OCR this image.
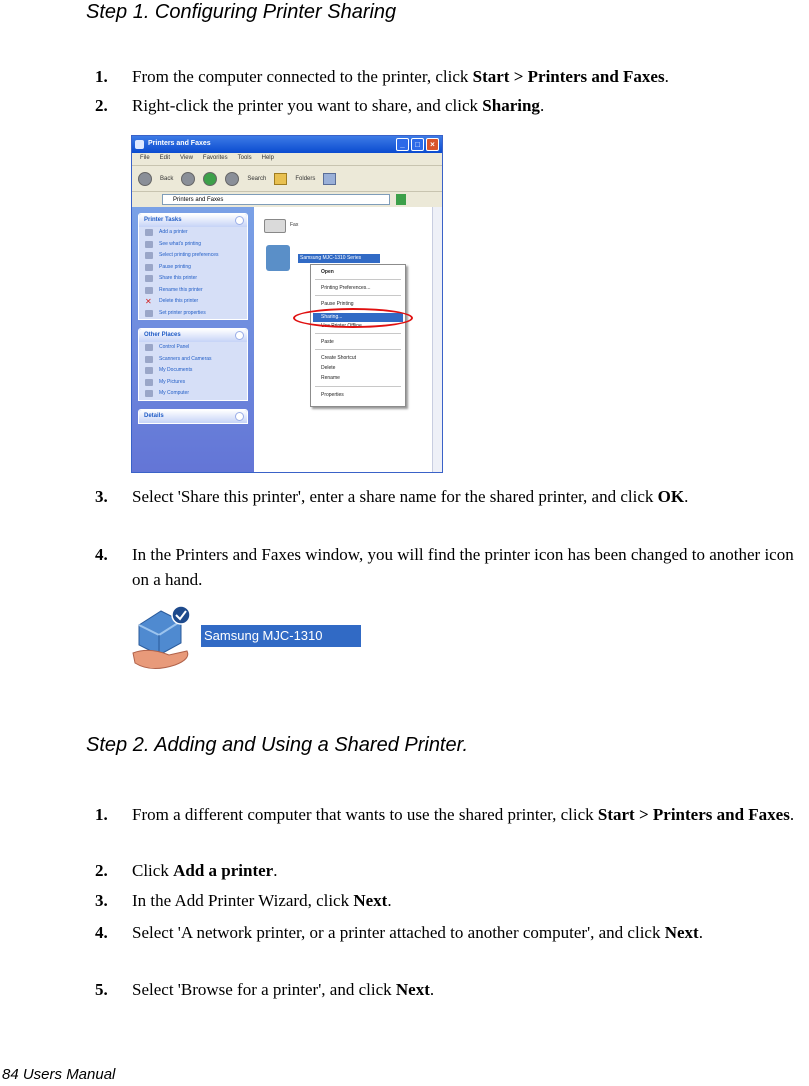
Step 1. Configuring Printer Sharing
1. From the computer connected to the printer, click Start > Printers and Faxes.
2. Right-click the printer you want to share, and click Sharing.
Printers and Faxes	_	□	×
File Edit View Favorites Tools Help
Back	Search	Folders
Printers and Faxes
Printer Tasks
Add a printer
See what's printing
Select printing preferences
Pause printing
Share this printer
Rename this printer
✕ Delete this printer
Set printer properties
Other Places
Control Panel
Scanners and Cameras
My Documents
My Pictures
My Computer
Details
Fax
Samsung MJC-1310 Series
Open
Printing Preferences...
Pause Printing
Sharing...
Use Printer Offline
Paste
Create Shortcut
Delete
Rename
Properties
3. Select 'Share this printer', enter a share name for the shared printer, and click OK.
4. In the Printers and Faxes window, you will find the printer icon has been changed to another icon on a hand.
Samsung MJC-1310 Series
Step 2. Adding and Using a Shared Printer.
1. From a different computer that wants to use the shared printer, click Start > Printers and Faxes.
2. Click Add a printer.
3. In the Add Printer Wizard, click Next.
4. Select 'A network printer, or a printer attached to another computer', and click Next.
5. Select 'Browse for a printer', and click Next.
84 Users Manual
